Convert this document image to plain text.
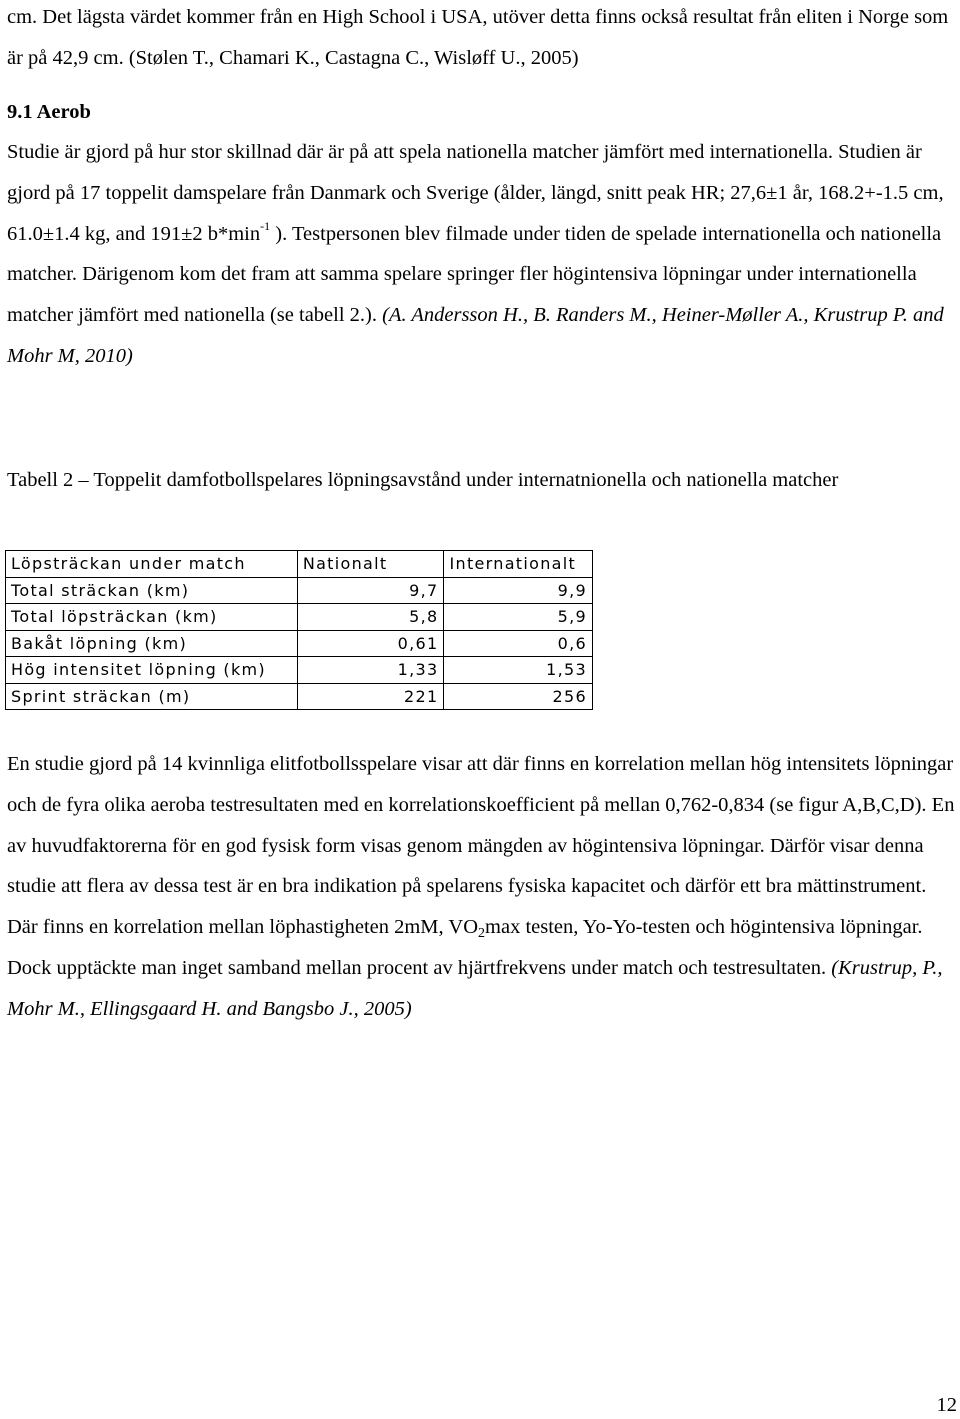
cm. Det lägsta värdet kommer från en High School i USA, utöver detta finns också resultat från eliten i Norge som är på 42,9 cm. (Stølen T., Chamari K., Castagna C., Wisløff U., 2005)

9.1 Aerob

Studie är gjord på hur stor skillnad där är på att spela nationella matcher jämfört med internationella. Studien är gjord på 17 toppelit damspelare från Danmark och Sverige (ålder, längd, snitt peak HR; 27,6±1 år, 168.2+-1.5 cm, 61.0±1.4 kg, and 191±2 $b*\min^{-1}$ ). Testpersonen blev filmade under tiden de spelade internationella och nationella matcher. Därigenom kom det fram att samma spelare springer fler högintensiva löpningar under internationella matcher jämfört med nationella (se tabell 2.). (A. Andersson H., B. Randers M., Heiner-Møller A., Krustrup P. and Mohr M, 2010)

Tabell 2 – Toppelit damfotbollspelares löpningsavstånd under internatnionella och nationella matcher

Löpsträckan under match	Nationalt	Internationalt
Total sträckan (km)	9,7	9,9
Total löpsträckan (km)	5,8	5,9
Bakåt löpning (km)	0,61	0,6
Hög intensitet löpning (km)	1,33	1,53
Sprint sträckan (m)	221	256

En studie gjord på 14 kvinnliga elitfotbollsspelare visar att där finns en korrelation mellan hög intensitets löpningar och de fyra olika aeroba testresultaten med en korrelationskoefficient på mellan 0,762-0,834 (se figur A,B,C,D). En av huvudfaktorerna för en god fysisk form visas genom mängden av högintensiva löpningar. Därför visar denna studie att flera av dessa test är en bra indikation på spelarens fysiska kapacitet och därför ett bra mättinstrument. Där finns en korrelation mellan löphastigheten 2mM, $VO_2\max$ testen, Yo-Yo-testen och högintensiva löpningar. Dock upptäckte man inget samband mellan procent av hjärtfrekvens under match och testresultaten. (Krustrup, P., Mohr M., Ellingsgaard H. and Bangsbo J., 2005)

12
